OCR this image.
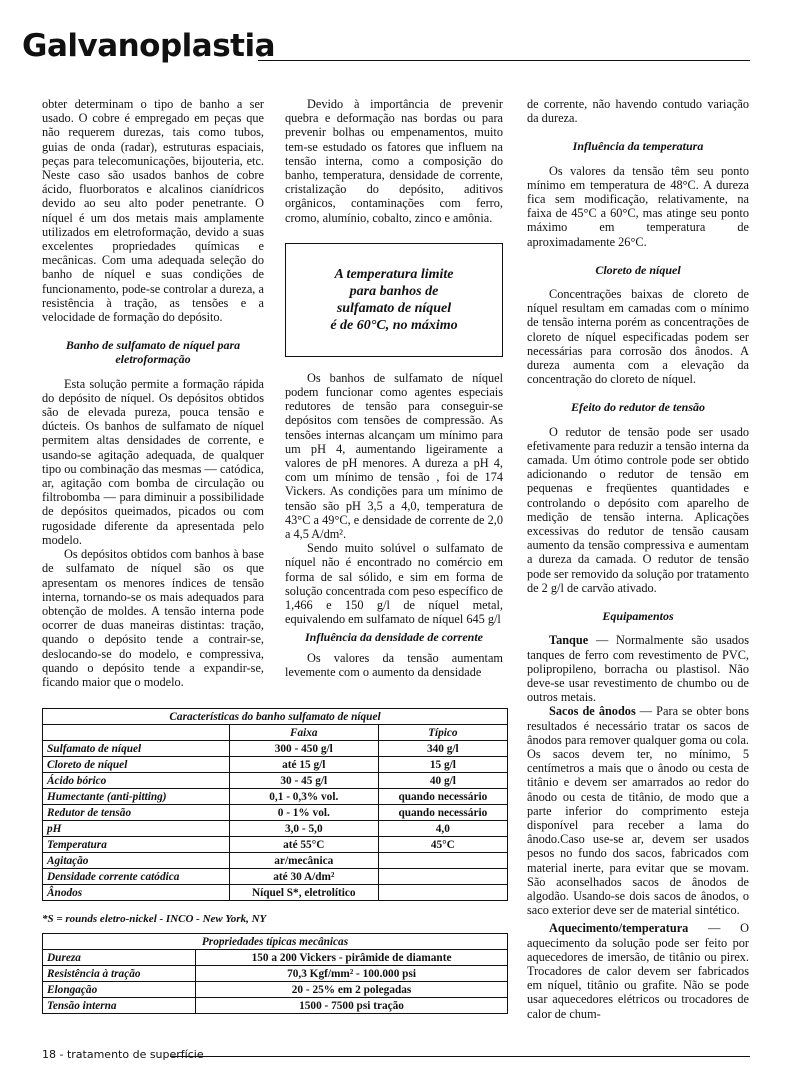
Galvanoplastia

obter determinam o tipo de banho a ser usado. O cobre é empregado em peças que não requerem durezas, tais como tubos, guias de onda (radar), estruturas espaciais, peças para telecomunicações, bijouteria, etc. Neste caso são usados banhos de cobre ácido, fluorboratos e alcalinos cianídricos devido ao seu alto poder penetrante. O níquel é um dos metais mais amplamente utilizados em eletroformação, devido a suas excelentes propriedades químicas e mecânicas. Com uma adequada seleção do banho de níquel e suas condições de funcionamento, pode-se controlar a dureza, a resistência à tração, as tensões e a velocidade de formação do depósito.

Banho de sulfamato de níquel para eletroformação

Esta solução permite a formação rápida do depósito de níquel. Os depósitos obtidos são de elevada pureza, pouca tensão e dúcteis. Os banhos de sulfamato de níquel permitem altas densidades de corrente, e usando-se agitação adequada, de qualquer tipo ou combinação das mesmas — catódica, ar, agitação com bomba de circulação ou filtrobomba — para diminuir a possibilidade de depósitos queimados, picados ou com rugosidade diferente da apresentada pelo modelo.

Os depósitos obtidos com banhos à base de sulfamato de níquel são os que apresentam os menores índices de tensão interna, tornando-se os mais adequados para obtenção de moldes. A tensão interna pode ocorrer de duas maneiras distintas: tração, quando o depósito tende a contrair-se, deslocando-se do modelo, e compressiva, quando o depósito tende a expandir-se, ficando maior que o modelo.

Devido à importância de prevenir quebra e deformação nas bordas ou para prevenir bolhas ou empenamentos, muito tem-se estudado os fatores que influem na tensão interna, como a composição do banho, temperatura, densidade de corrente, cristalização do depósito, aditivos orgânicos, contaminações com ferro, cromo, alumínio, cobalto, zinco e amônia.

A temperatura limite
para banhos de
sulfamato de níquel
é de 60°C, no máximo

Os banhos de sulfamato de níquel podem funcionar como agentes especiais redutores de tensão para conseguir-se depósitos com tensões de compressão. As tensões internas alcançam um mínimo para um pH 4, aumentando ligeiramente a valores de pH menores. A dureza a pH 4, com um mínimo de tensão , foi de 174 Vickers. As condições para um mínimo de tensão são pH 3,5 a 4,0, temperatura de 43°C a 49°C, e densidade de corrente de 2,0 a 4,5 A/dm².

Sendo muito solúvel o sulfamato de níquel não é encontrado no comércio em forma de sal sólido, e sim em forma de solução concentrada com peso específico de 1,466 e 150 g/l de níquel metal, equivalendo em sulfamato de níquel 645 g/l

Influência da densidade de corrente

Os valores da tensão aumentam levemente com o aumento da densidade

de corrente, não havendo contudo variação da dureza.

Influência da temperatura

Os valores da tensão têm seu ponto mínimo em temperatura de 48°C. A dureza fica sem modificação, relativamente, na faixa de 45°C a 60°C, mas atinge seu ponto máximo em temperatura de aproximadamente 26°C.

Cloreto de níquel

Concentrações baixas de cloreto de níquel resultam em camadas com o mínimo de tensão interna porém as concentrações de cloreto de níquel especificadas podem ser necessárias para corrosão dos ânodos. A dureza aumenta com a elevação da concentração do cloreto de níquel.

Efeito do redutor de tensão

O redutor de tensão pode ser usado efetivamente para reduzir a tensão interna da camada. Um ótimo controle pode ser obtido adicionando o redutor de tensão em pequenas e freqüentes quantidades e controlando o depósito com aparelho de medição de tensão interna. Aplicações excessivas do redutor de tensão causam aumento da tensão compressiva e aumentam a dureza da camada. O redutor de tensão pode ser removido da solução por tratamento de 2 g/l de carvão ativado.

Equipamentos

Tanque — Normalmente são usados tanques de ferro com revestimento de PVC, polipropileno, borracha ou plastisol. Não deve-se usar revestimento de chumbo ou de outros metais.

Sacos de ânodos — Para se obter bons resultados é necessário tratar os sacos de ânodos para remover qualquer goma ou cola. Os sacos devem ter, no mínimo, 5 centímetros a mais que o ânodo ou cesta de titânio e devem ser amarrados ao redor do ânodo ou cesta de titânio, de modo que a parte inferior do comprimento esteja disponível para receber a lama do ânodo.Caso use-se ar, devem ser usados pesos no fundo dos sacos, fabricados com material inerte, para evitar que se movam. São aconselhados sacos de ânodos de algodão. Usando-se dois sacos de ânodos, o saco exterior deve ser de material sintético.

Aquecimento/temperatura — O aquecimento da solução pode ser feito por aquecedores de imersão, de titânio ou pirex. Trocadores de calor devem ser fabricados em níquel, titânio ou grafite. Não se pode usar aquecedores elétricos ou trocadores de calor de chum-

Características do banho sulfamato de níquel		
	Faixa	Típico
Sulfamato de níquel	300 - 450 g/l	340 g/l
Cloreto de níquel	até 15 g/l	15 g/l
Ácido bórico	30 - 45 g/l	40 g/l
Humectante (anti-pitting)	0,1 - 0,3% vol.	quando necessário
Redutor de tensão	0 - 1% vol.	quando necessário
pH	3,0 - 5,0	4,0
Temperatura	até 55°C	45°C
Agitação	ar/mecânica	
Densidade corrente catódica	até 30 A/dm²	
Ânodos	Níquel S*, eletrolítico	
*S = rounds eletro-nickel - INCO - New York, NY
Propriedades típicas mecânicas	
Dureza	150 a 200 Vickers - pirâmide de diamante
Resistência à tração	70,3 Kgf/mm² - 100.000 psi
Elongação	20 - 25% em 2 polegadas
Tensão interna	1500 - 7500 psi tração
18 - tratamento de superfície
